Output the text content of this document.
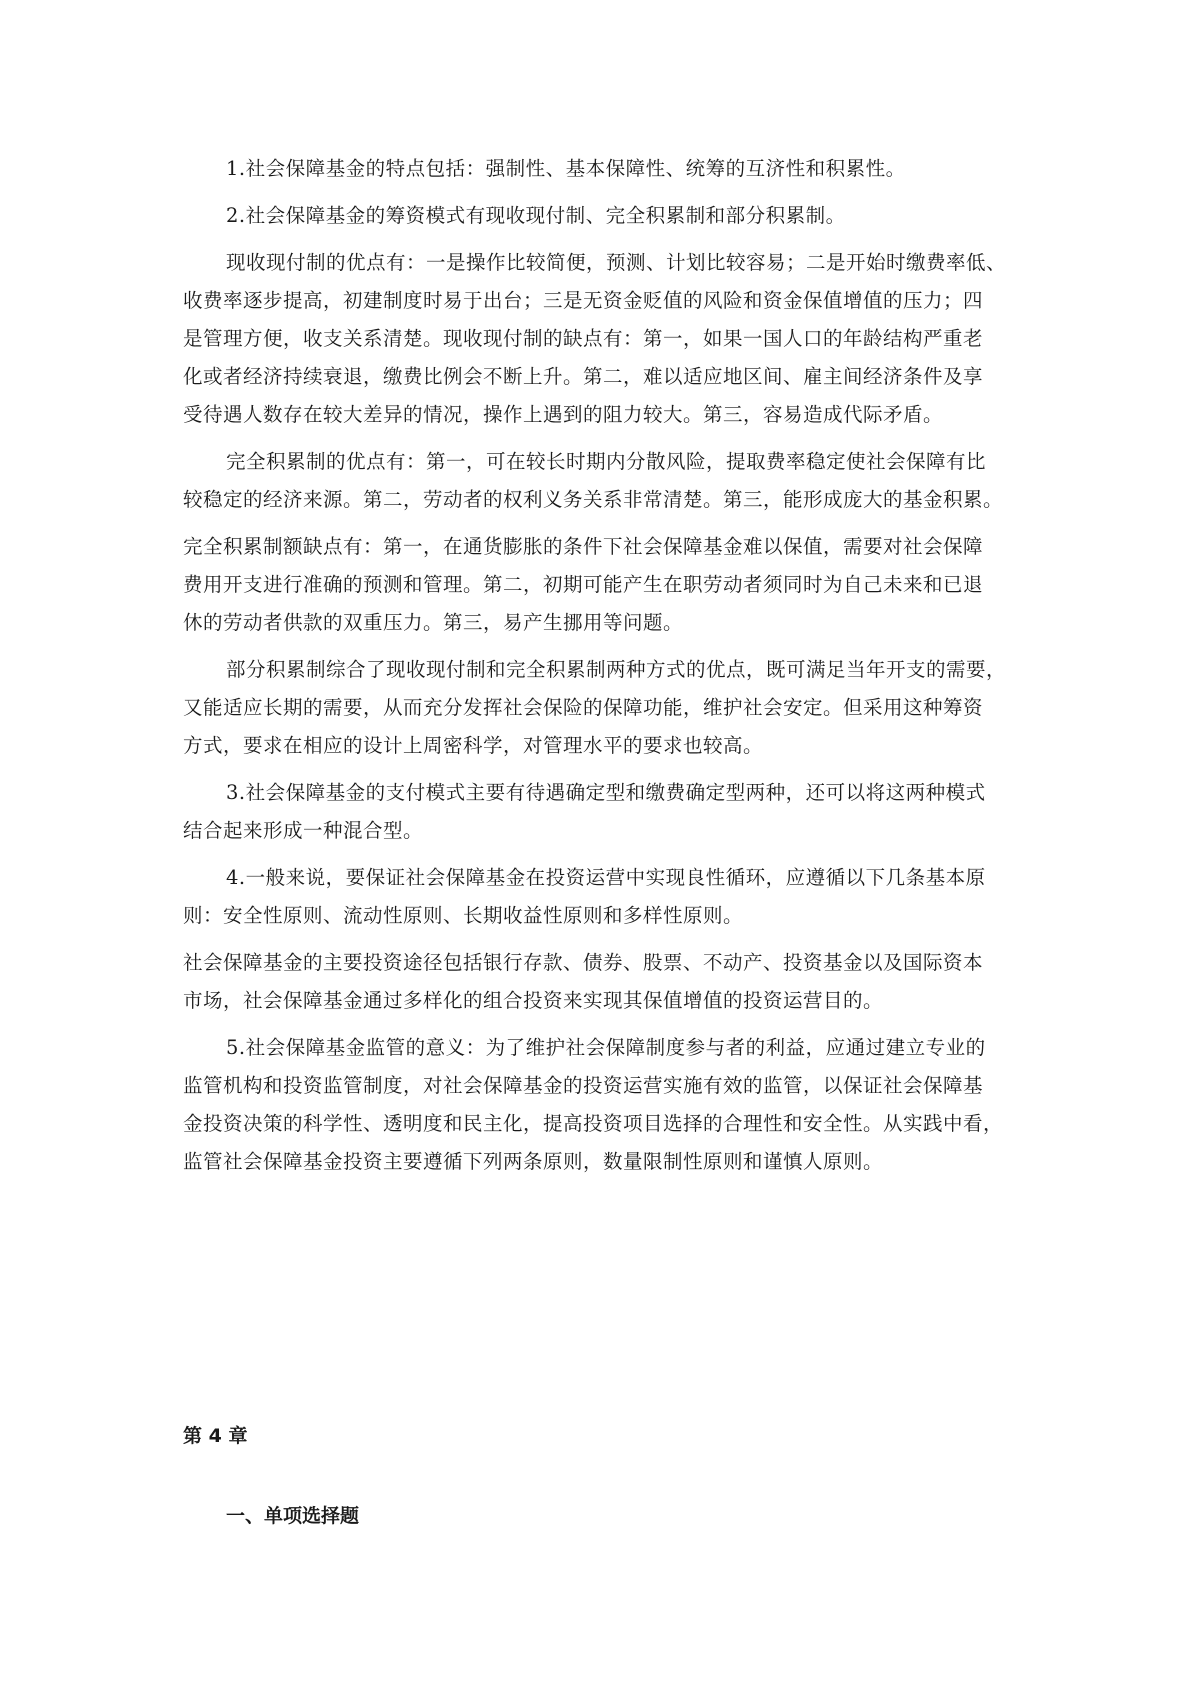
1.社会保障基金的特点包括：强制性、基本保障性、统筹的互济性和积累性。
2.社会保障基金的筹资模式有现收现付制、完全积累制和部分积累制。
现收现付制的优点有：一是操作比较简便，预测、计划比较容易；二是开始时缴费率低、
收费率逐步提高，初建制度时易于出台；三是无资金贬值的风险和资金保值增值的压力；四
是管理方便，收支关系清楚。现收现付制的缺点有：第一，如果一国人口的年龄结构严重老
化或者经济持续衰退，缴费比例会不断上升。第二，难以适应地区间、雇主间经济条件及享
受待遇人数存在较大差异的情况，操作上遇到的阻力较大。第三，容易造成代际矛盾。
完全积累制的优点有：第一，可在较长时期内分散风险，提取费率稳定使社会保障有比
较稳定的经济来源。第二，劳动者的权利义务关系非常清楚。第三，能形成庞大的基金积累。
完全积累制额缺点有：第一，在通货膨胀的条件下社会保障基金难以保值，需要对社会保障
费用开支进行准确的预测和管理。第二，初期可能产生在职劳动者须同时为自己未来和已退
休的劳动者供款的双重压力。第三，易产生挪用等问题。
部分积累制综合了现收现付制和完全积累制两种方式的优点，既可满足当年开支的需要，
又能适应长期的需要，从而充分发挥社会保险的保障功能，维护社会安定。但采用这种筹资
方式，要求在相应的设计上周密科学，对管理水平的要求也较高。
3.社会保障基金的支付模式主要有待遇确定型和缴费确定型两种，还可以将这两种模式
结合起来形成一种混合型。
4.一般来说，要保证社会保障基金在投资运营中实现良性循环，应遵循以下几条基本原
则：安全性原则、流动性原则、长期收益性原则和多样性原则。
社会保障基金的主要投资途径包括银行存款、债券、股票、不动产、投资基金以及国际资本
市场，社会保障基金通过多样化的组合投资来实现其保值增值的投资运营目的。
5.社会保障基金监管的意义：为了维护社会保障制度参与者的利益，应通过建立专业的
监管机构和投资监管制度，对社会保障基金的投资运营实施有效的监管，以保证社会保障基
金投资决策的科学性、透明度和民主化，提高投资项目选择的合理性和安全性。从实践中看，
监管社会保障基金投资主要遵循下列两条原则，数量限制性原则和谨慎人原则。
第 4 章
一、单项选择题
